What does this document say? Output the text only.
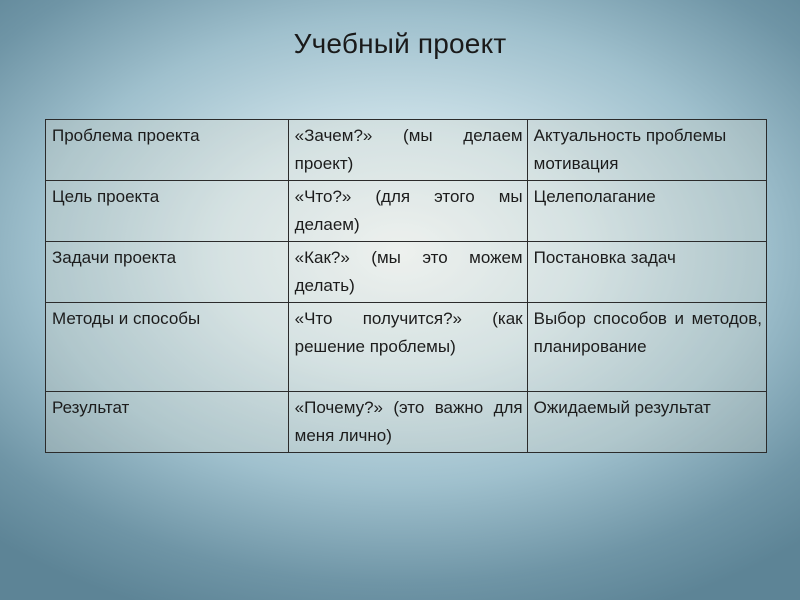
Учебный проект
Проблема проекта	«Зачем?» (мы делаем проект)	Актуальность проблемы мотивация
Цель проекта	«Что?» (для этого мы делаем)	Целеполагание
Задачи проекта	«Как?» (мы это можем делать)	Постановка задач
Методы и способы	«Что получится?» (как решение проблемы)	Выбор способов и методов, планирование
Результат	«Почему?» (это важно для меня лично)	Ожидаемый результат
